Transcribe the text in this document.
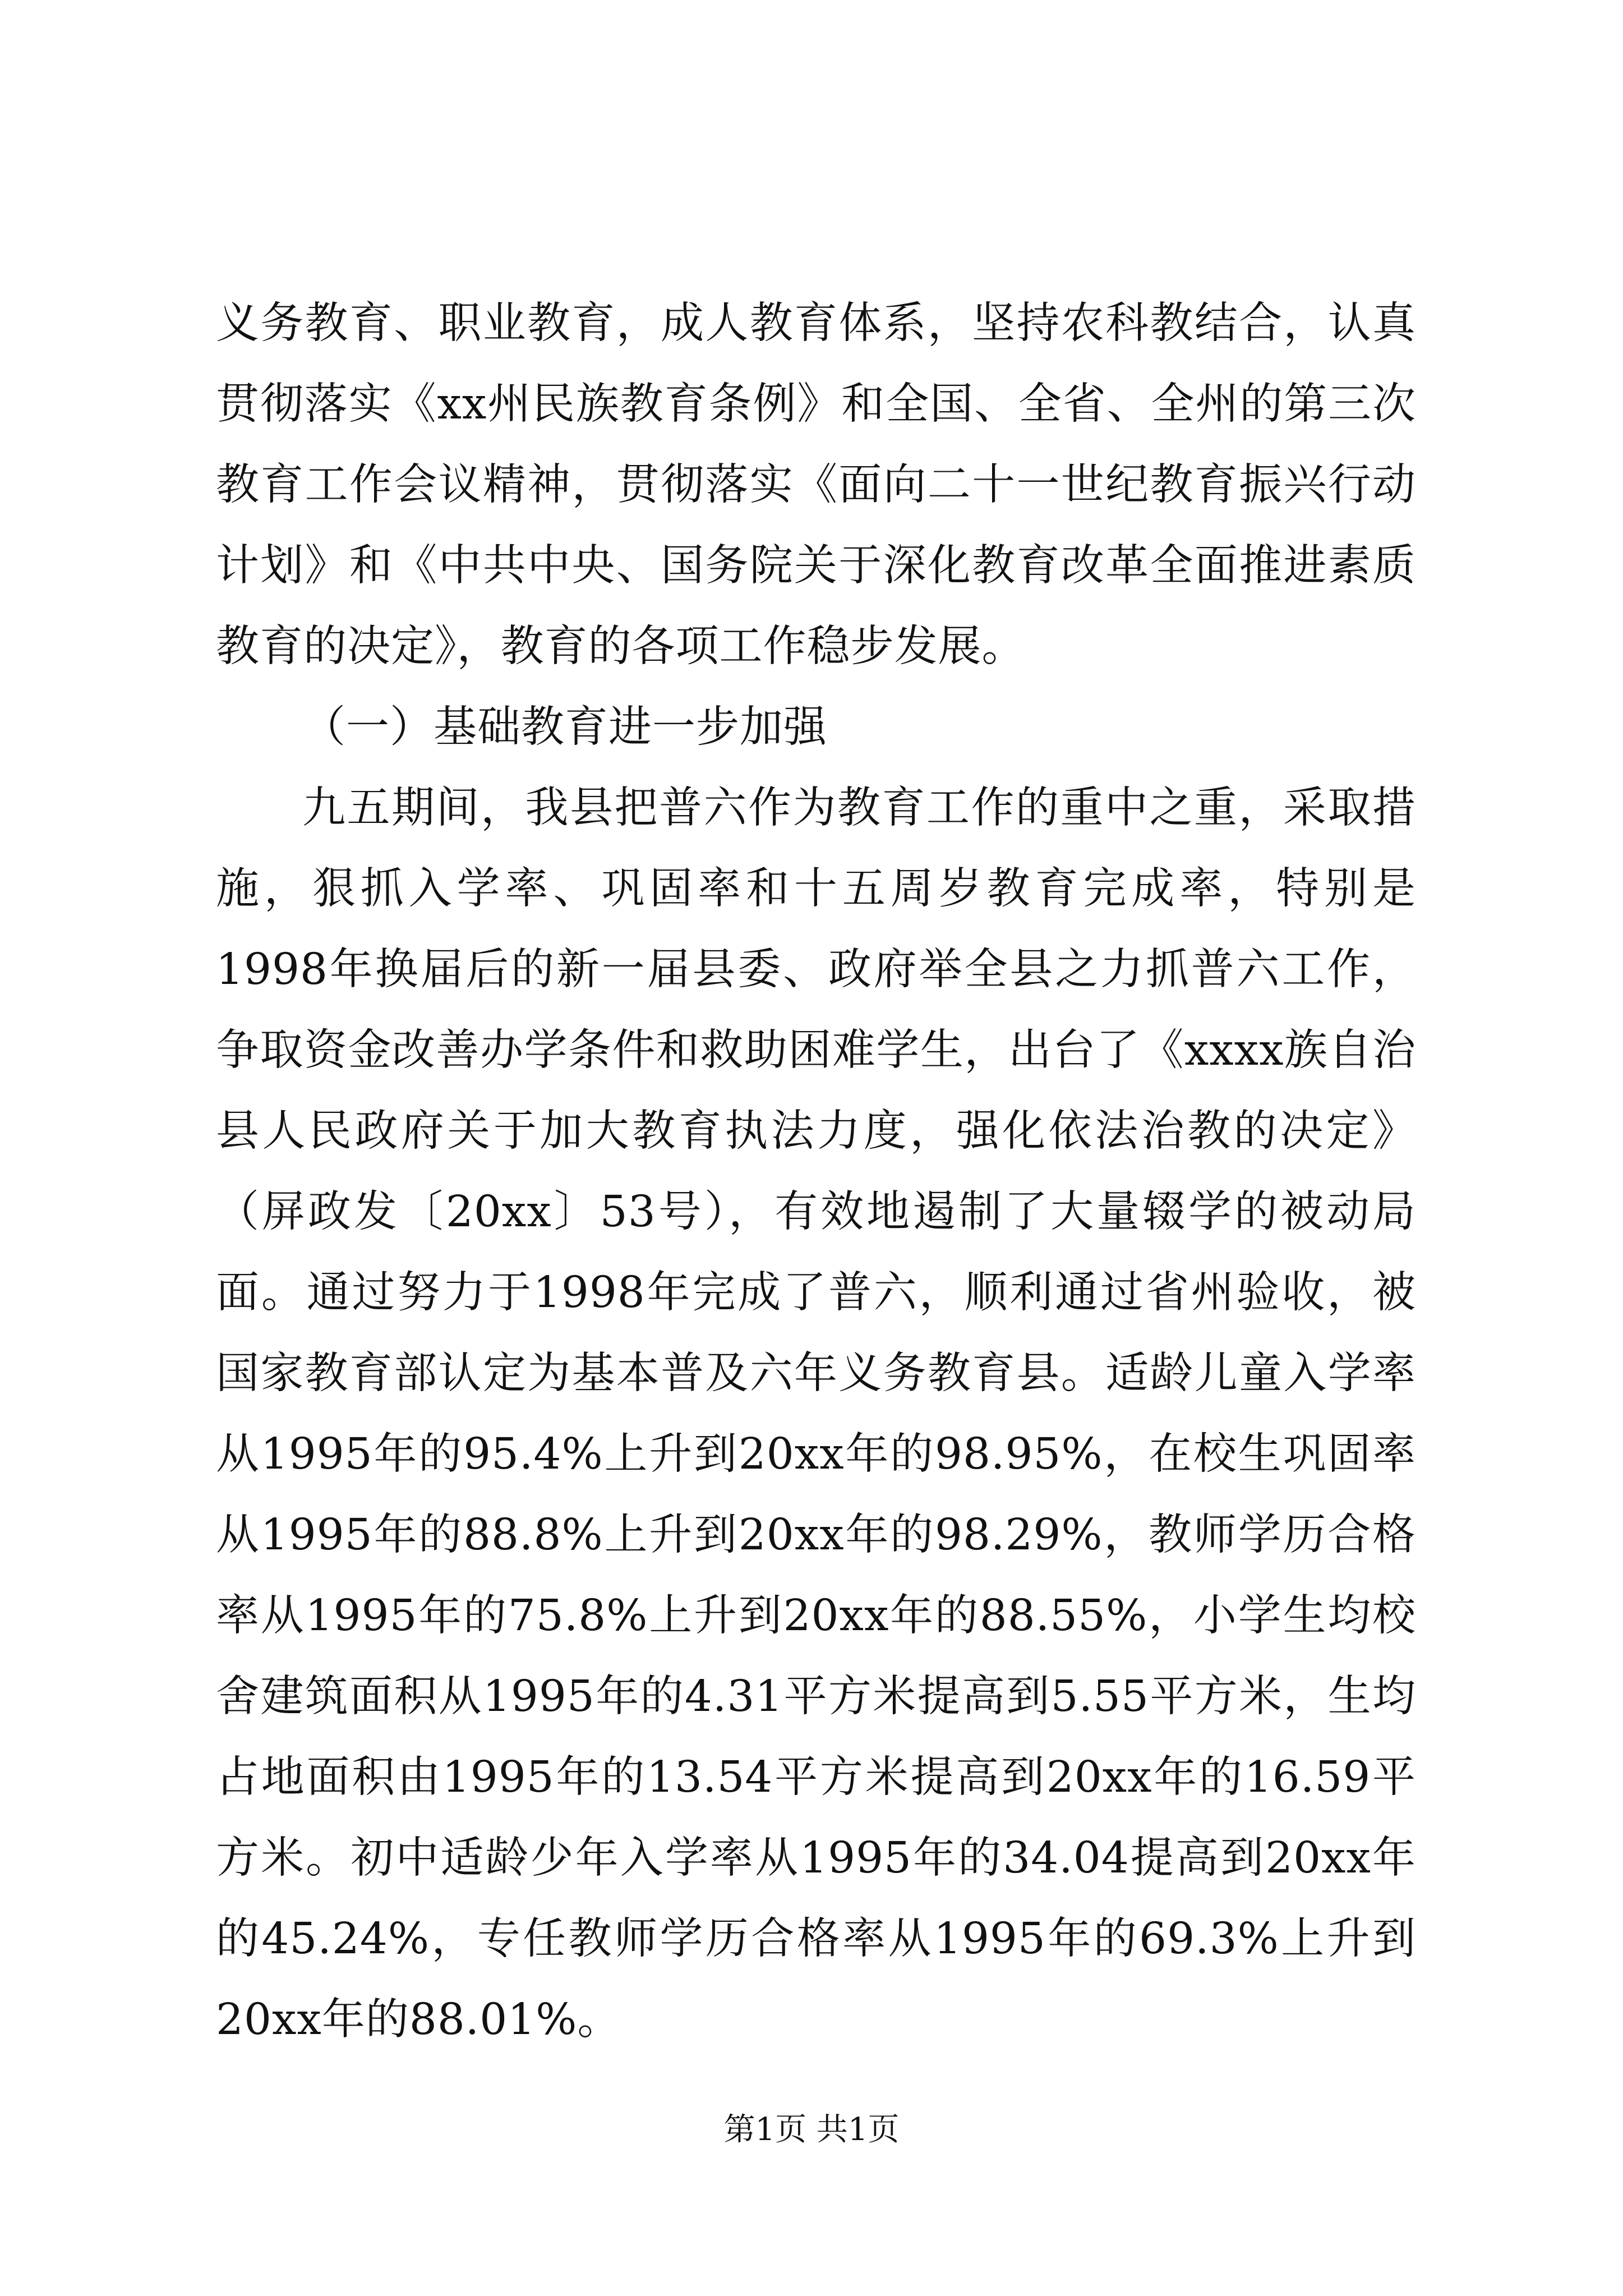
义务教育、职业教育，成人教育体系，坚持农科教结合，认真贯彻落实《xx州民族教育条例》和全国、全省、全州的第三次教育工作会议精神，贯彻落实《面向二十一世纪教育振兴行动计划》和《中共中央、国务院关于深化教育改革全面推进素质教育的决定》，教育的各项工作稳步发展。

（一）基础教育进一步加强

九五期间，我县把普六作为教育工作的重中之重，采取措施，狠抓入学率、巩固率和十五周岁教育完成率，特别是1998年换届后的新一届县委、政府举全县之力抓普六工作，争取资金改善办学条件和救助困难学生，出台了《xxxx族自治县人民政府关于加大教育执法力度，强化依法治教的决定》（屏政发〔20xx〕53号），有效地遏制了大量辍学的被动局面。通过努力于1998年完成了普六，顺利通过省州验收，被国家教育部认定为基本普及六年义务教育县。适龄儿童入学率从1995年的95.4%上升到20xx年的98.95%，在校生巩固率从1995年的88.8%上升到20xx年的98.29%，教师学历合格率从1995年的75.8%上升到20xx年的88.55%，小学生均校舍建筑面积从1995年的4.31平方米提高到5.55平方米，生均占地面积由1995年的13.54平方米提高到20xx年的16.59平方米。初中适龄少年入学率从1995年的34.04提高到20xx年的45.24%，专任教师学历合格率从1995年的69.3%上升到20xx年的88.01%。

第1页 共1页
